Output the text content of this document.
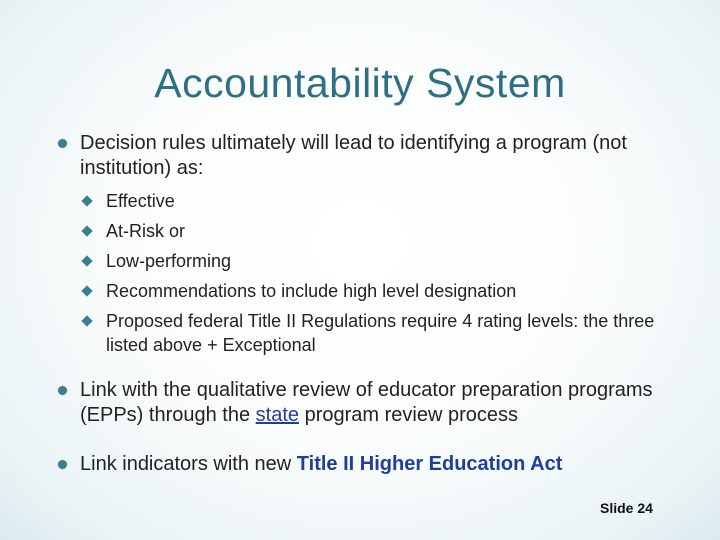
Accountability System
Decision rules ultimately will lead to identifying a program (not institution) as:
Effective
At-Risk or
Low-performing
Recommendations to include high level designation
Proposed federal Title II Regulations require 4 rating levels: the three listed above + Exceptional
Link with the qualitative review of educator preparation programs (EPPs) through the state program review process
Link indicators with new Title II Higher Education Act
Slide 24
